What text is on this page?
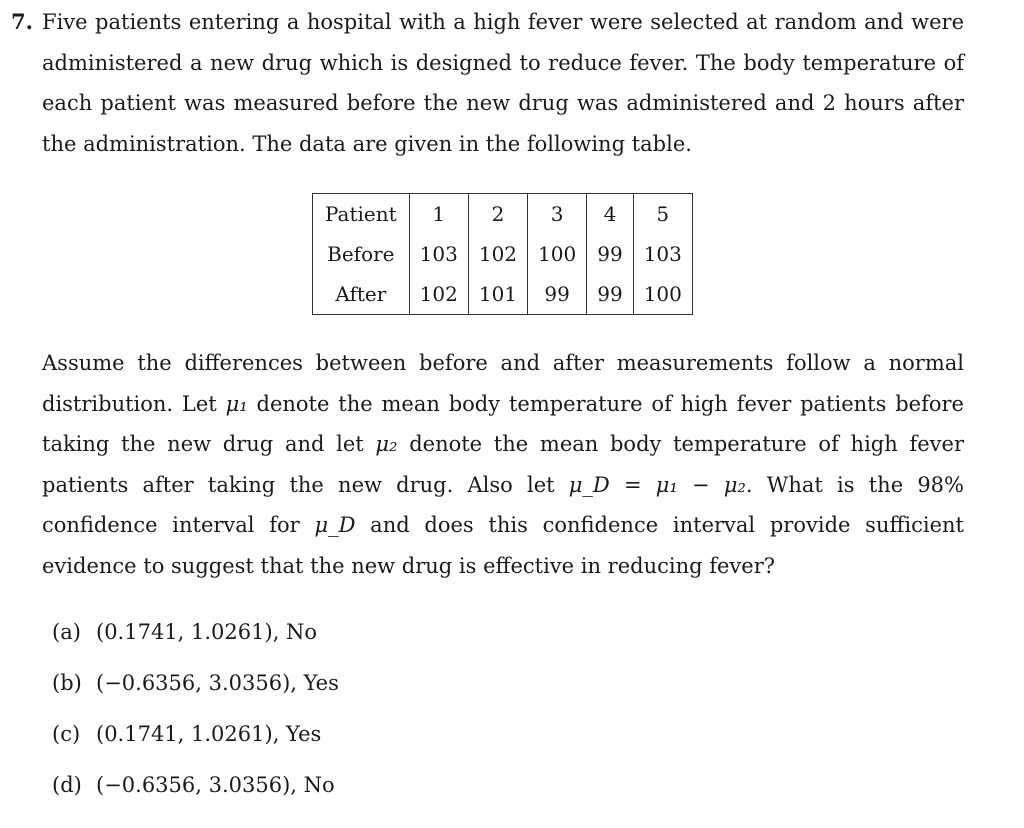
7. Five patients entering a hospital with a high fever were selected at random and were administered a new drug which is designed to reduce fever. The body temperature of each patient was measured before the new drug was administered and 2 hours after the administration. The data are given in the following table.
Patient	1	2	3	4	5
Before	103	102	100	99	103
After	102	101	99	99	100
Assume the differences between before and after measurements follow a normal distribution. Let μ₁ denote the mean body temperature of high fever patients before taking the new drug and let μ₂ denote the mean body temperature of high fever patients after taking the new drug. Also let μ_D = μ₁ − μ₂. What is the 98% confidence interval for μ_D and does this confidence interval provide sufficient evidence to suggest that the new drug is effective in reducing fever?
(a) (0.1741, 1.0261), No
(b) (−0.6356, 3.0356), Yes
(c) (0.1741, 1.0261), Yes
(d) (−0.6356, 3.0356), No
